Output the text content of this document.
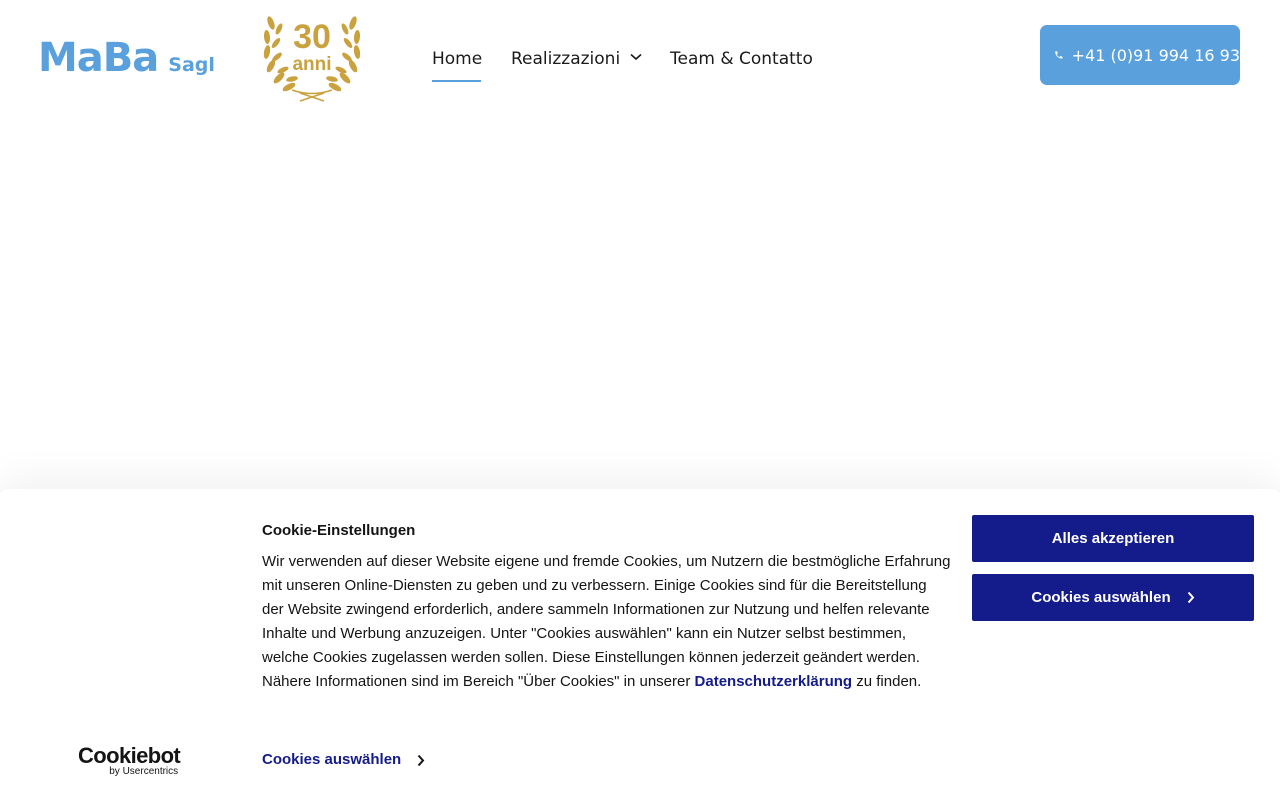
MaBa Sagl
30
anni	Home Realizzazioni	Team & Contatto	+41 (0)91 994 16 93
Cookiebot
by Usercentrics
Cookie-Einstellungen

Wir verwenden auf dieser Website eigene und fremde Cookies, um Nutzern die bestmögliche Erfahrung mit unseren Online-Diensten zu geben und zu verbessern. Einige Cookies sind für die Bereitstellung der Website zwingend erforderlich, andere sammeln Informationen zur Nutzung und helfen relevante Inhalte und Werbung anzuzeigen. Unter "Cookies auswählen" kann ein Nutzer selbst bestimmen, welche Cookies zugelassen werden sollen. Diese Einstellungen können jederzeit geändert werden. Nähere Informationen sind im Bereich "Über Cookies" in unserer Datenschutzerklärung zu finden.

Cookies auswählen
Alles akzeptieren
Cookies auswählen
